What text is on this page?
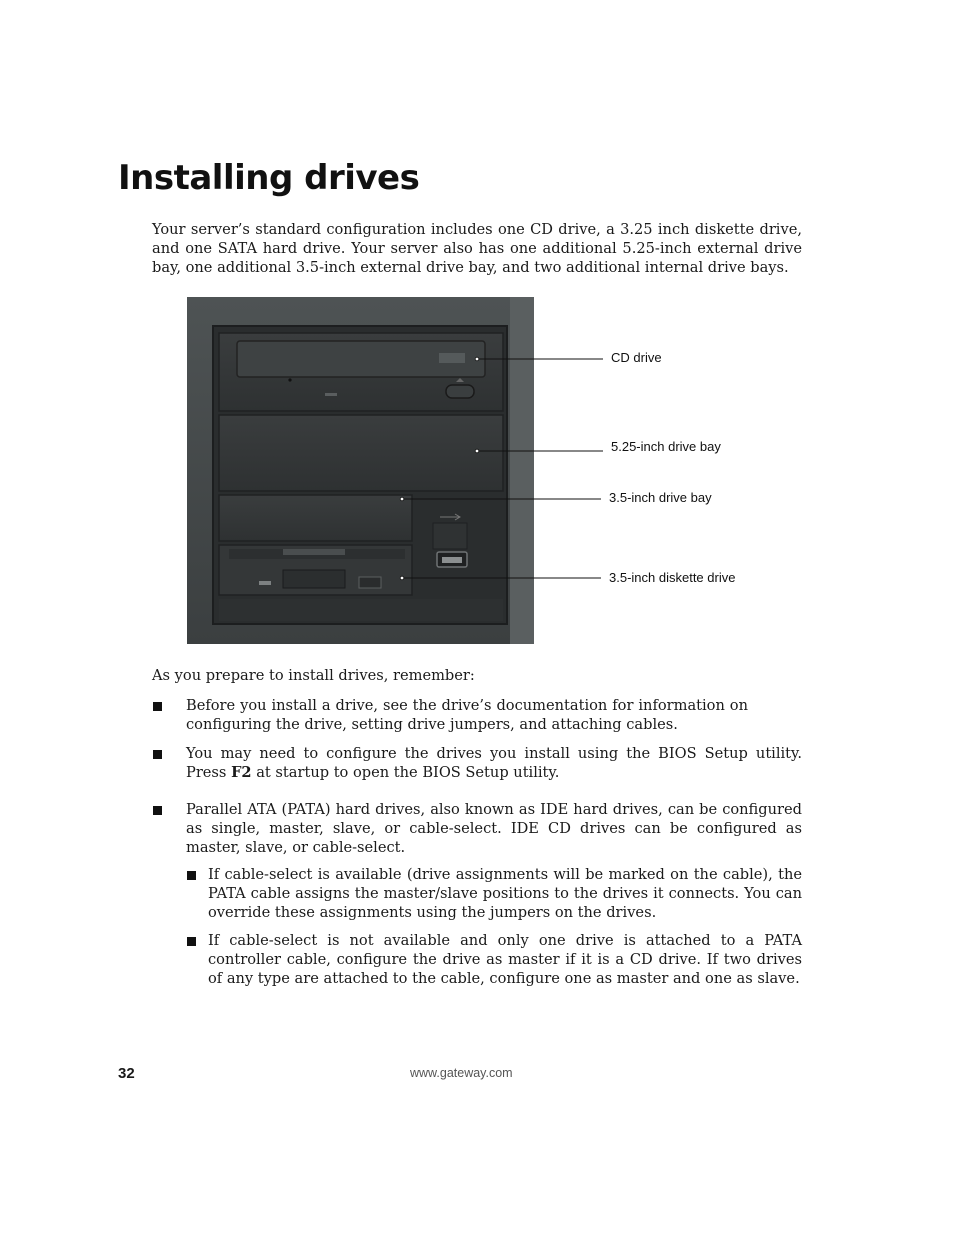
Installing drives

Your server’s standard configuration includes one CD drive, a 3.25 inch diskette drive, and one SATA hard drive. Your server also has one additional 5.25-inch external drive bay, one additional 3.5-inch external drive bay, and two additional internal drive bays.

CD drive
5.25-inch drive bay
3.5-inch drive bay
3.5-inch diskette drive

As you prepare to install drives, remember:

Before you install a drive, see the drive’s documentation for information on configuring the drive, setting drive jumpers, and attaching cables.

You may need to configure the drives you install using the BIOS Setup utility. Press F2 at startup to open the BIOS Setup utility.

Parallel ATA (PATA) hard drives, also known as IDE hard drives, can be configured as single, master, slave, or cable-select. IDE CD drives can be configured as master, slave, or cable-select.

If cable-select is available (drive assignments will be marked on the cable), the PATA cable assigns the master/slave positions to the drives it connects. You can override these assignments using the jumpers on the drives.

If cable-select is not available and only one drive is attached to a PATA controller cable, configure the drive as master if it is a CD drive. If two drives of any type are attached to the cable, configure one as master and one as slave.

32	www.gateway.com
